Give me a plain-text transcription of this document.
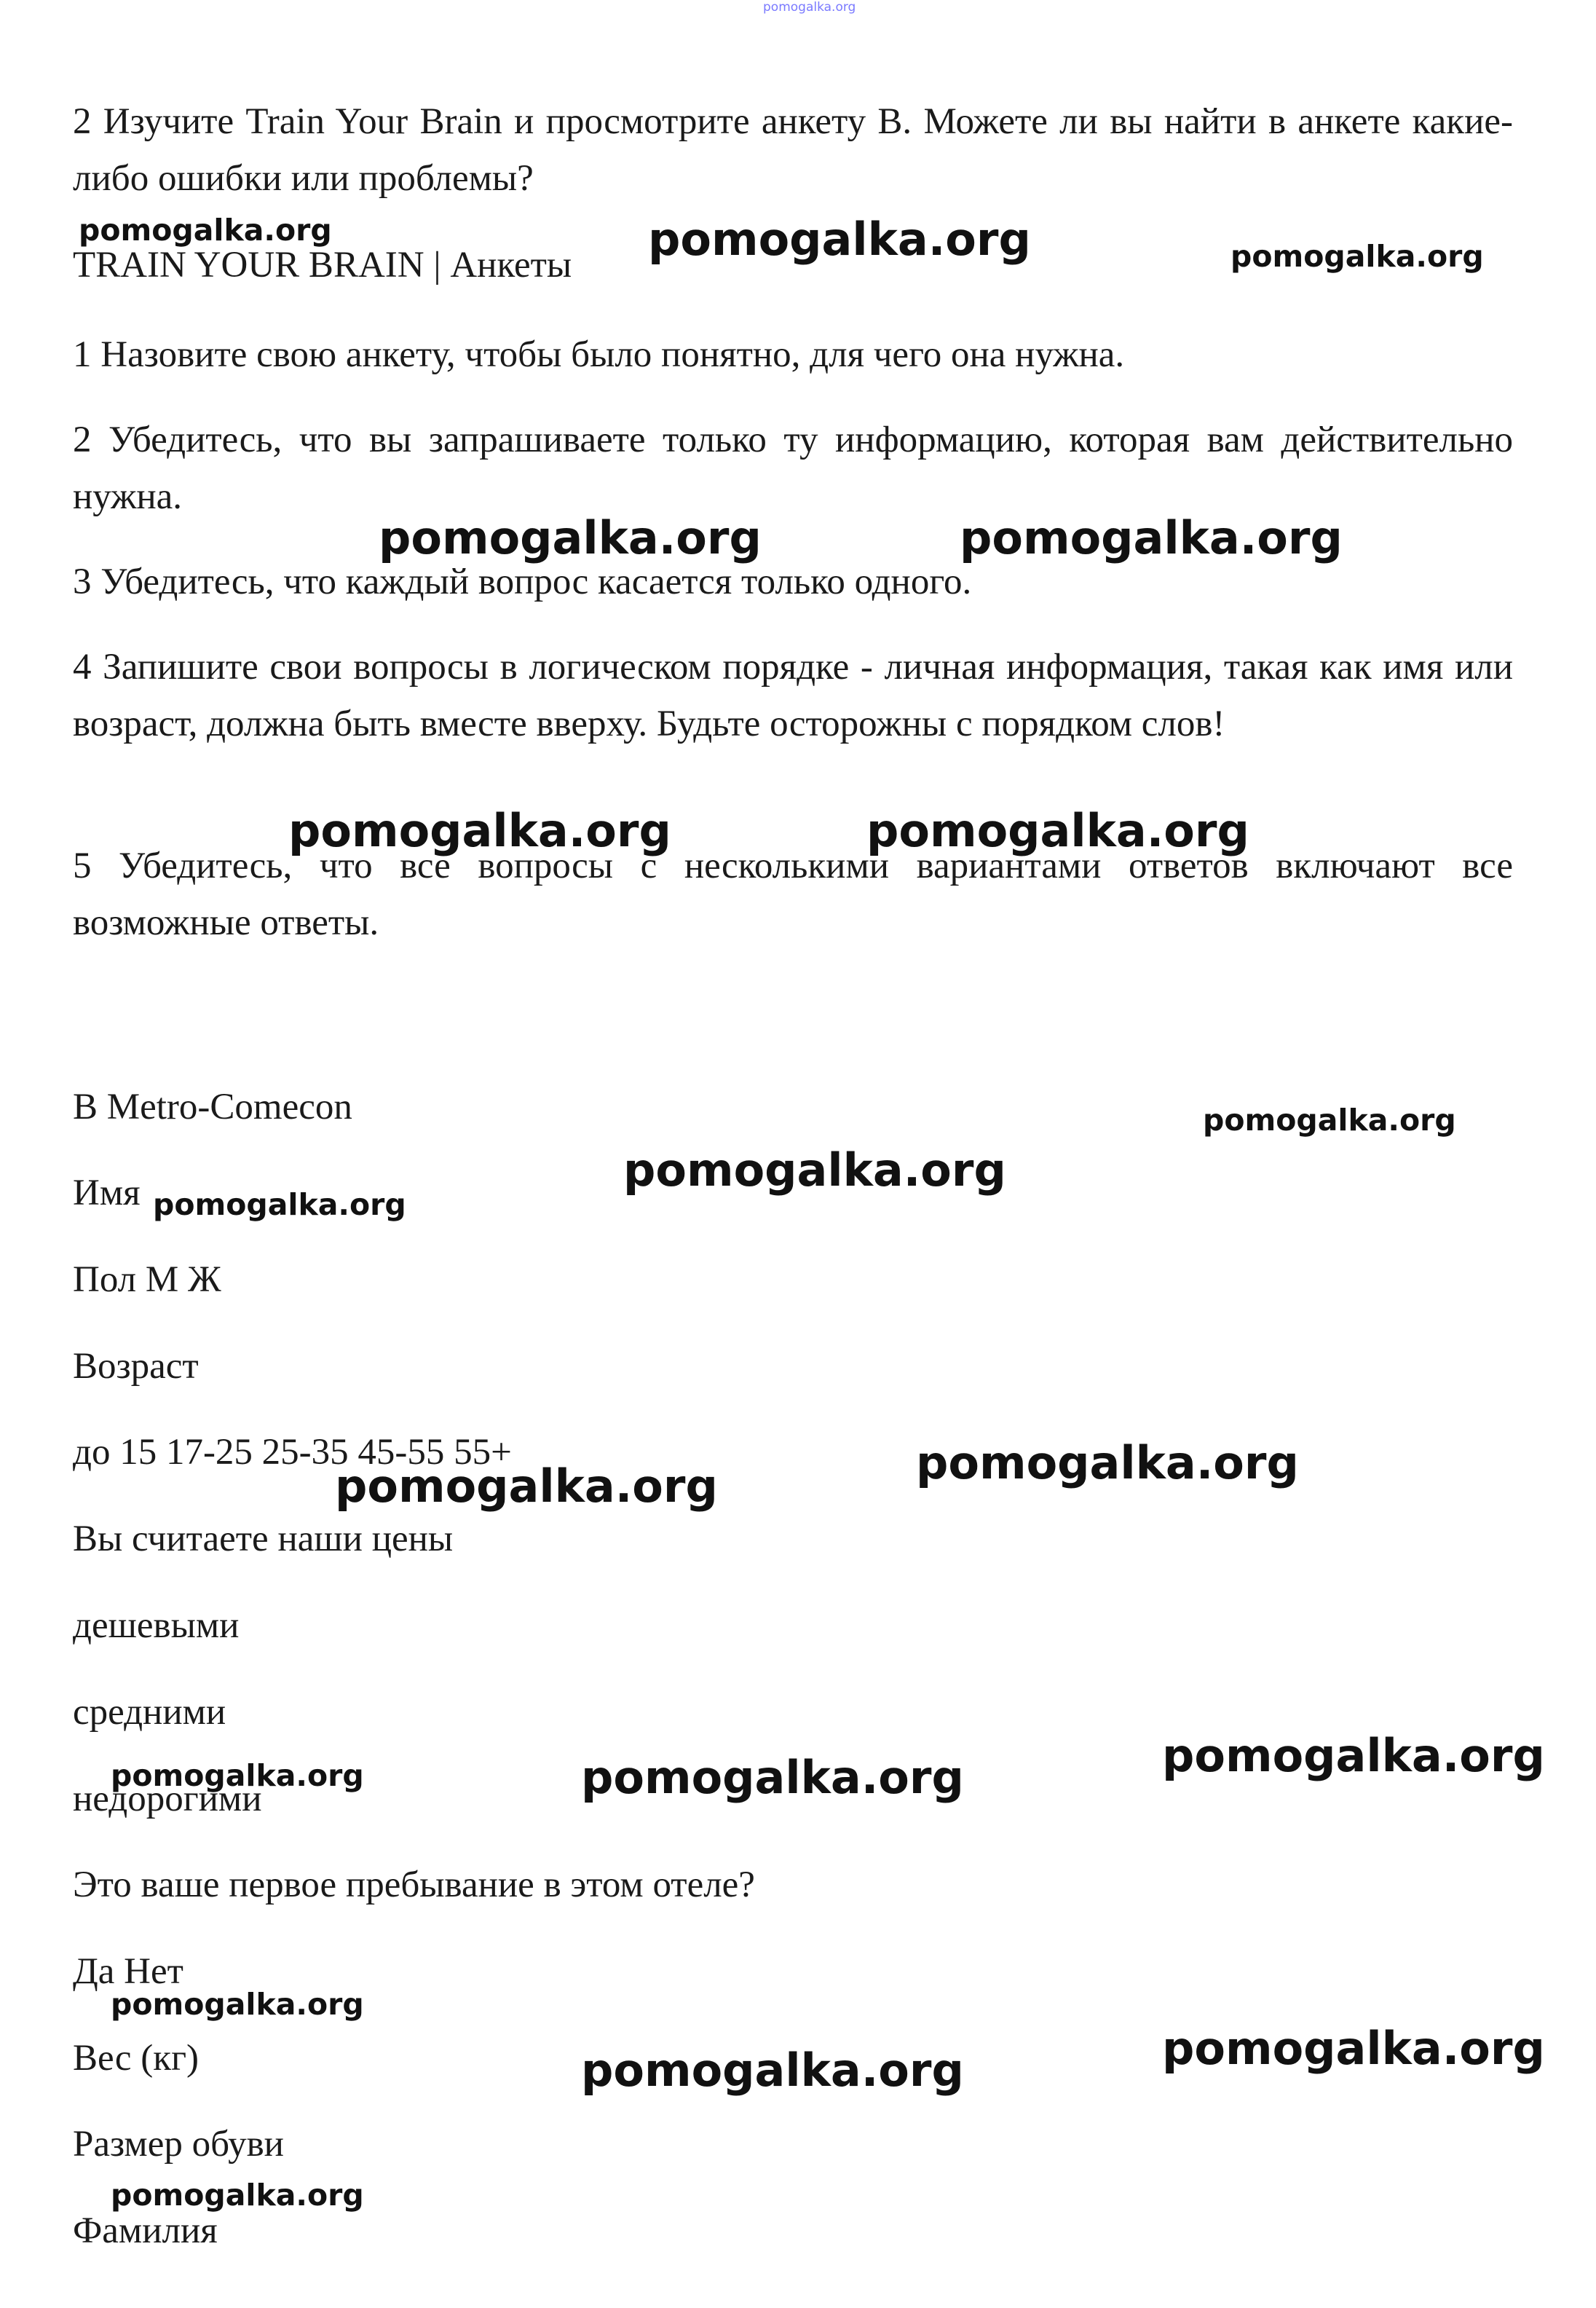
pomogalka.org

2 Изучите Train Your Brain и просмотрите анкету B. Можете ли вы найти в анкете какие-либо ошибки или проблемы?

TRAIN YOUR BRAIN | Анкеты

1 Назовите свою анкету, чтобы было понятно, для чего она нужна.

2 Убедитесь, что вы запрашиваете только ту информацию, которая вам действительно нужна.

3 Убедитесь, что каждый вопрос касается только одного.

4 Запишите свои вопросы в логическом порядке - личная информация, такая как имя или возраст, должна быть вместе вверху. Будьте осторожны с порядком слов!

5 Убедитесь, что все вопросы с несколькими вариантами ответов включают все возможные ответы.

B Metro-Comecon
Имя
Пол М Ж
Возраст
до 15 17-25 25-35 45-55 55+
Вы считаете наши цены
дешевыми
средними
недорогими
Это ваше первое пребывание в этом отеле?
Да Нет
Вес (кг)
Размер обуви
Фамилия
pomogalka.org	pomogalka.org	pomogalka.org
pomogalka.org	pomogalka.org
pomogalka.org	pomogalka.org
pomogalka.org
pomogalka.org
pomogalka.org
pomogalka.org
pomogalka.org
pomogalka.org
pomogalka.org	pomogalka.org
pomogalka.org
pomogalka.org
pomogalka.org
pomogalka.org
